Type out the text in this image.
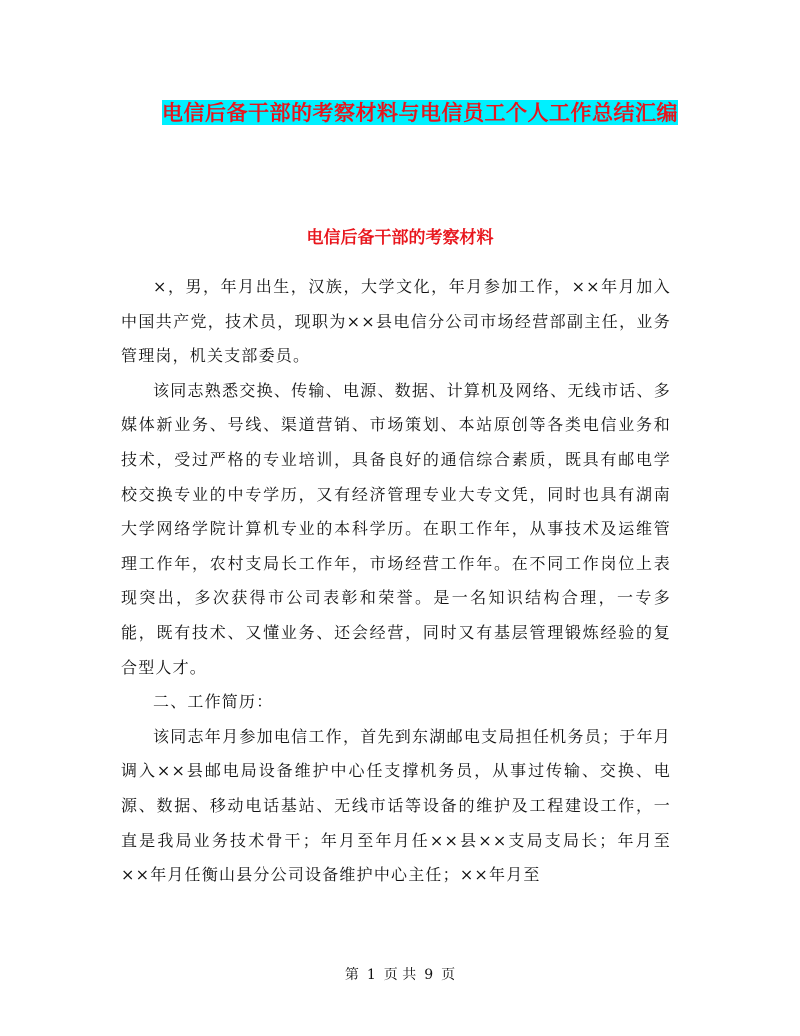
电信后备干部的考察材料与电信员工个人工作总结汇编
电信后备干部的考察材料

×，男，年月出生，汉族，大学文化，年月参加工作，××年月加入中国共产党，技术员，现职为××县电信分公司市场经营部副主任，业务管理岗，机关支部委员。

该同志熟悉交换、传输、电源、数据、计算机及网络、无线市话、多媒体新业务、号线、渠道营销、市场策划、本站原创等各类电信业务和技术，受过严格的专业培训，具备良好的通信综合素质，既具有邮电学校交换专业的中专学历，又有经济管理专业大专文凭，同时也具有湖南大学网络学院计算机专业的本科学历。在职工作年，从事技术及运维管理工作年，农村支局长工作年，市场经营工作年。在不同工作岗位上表现突出，多次获得市公司表彰和荣誉。是一名知识结构合理，一专多能，既有技术、又懂业务、还会经营，同时又有基层管理锻炼经验的复合型人才。

二、工作简历：

该同志年月参加电信工作，首先到东湖邮电支局担任机务员；于年月调入××县邮电局设备维护中心任支撑机务员，从事过传输、交换、电源、数据、移动电话基站、无线市话等设备的维护及工程建设工作，一直是我局业务技术骨干；年月至年月任××县××支局支局长；年月至××年月任衡山县分公司设备维护中心主任；××年月至

第 1 页 共 9 页
